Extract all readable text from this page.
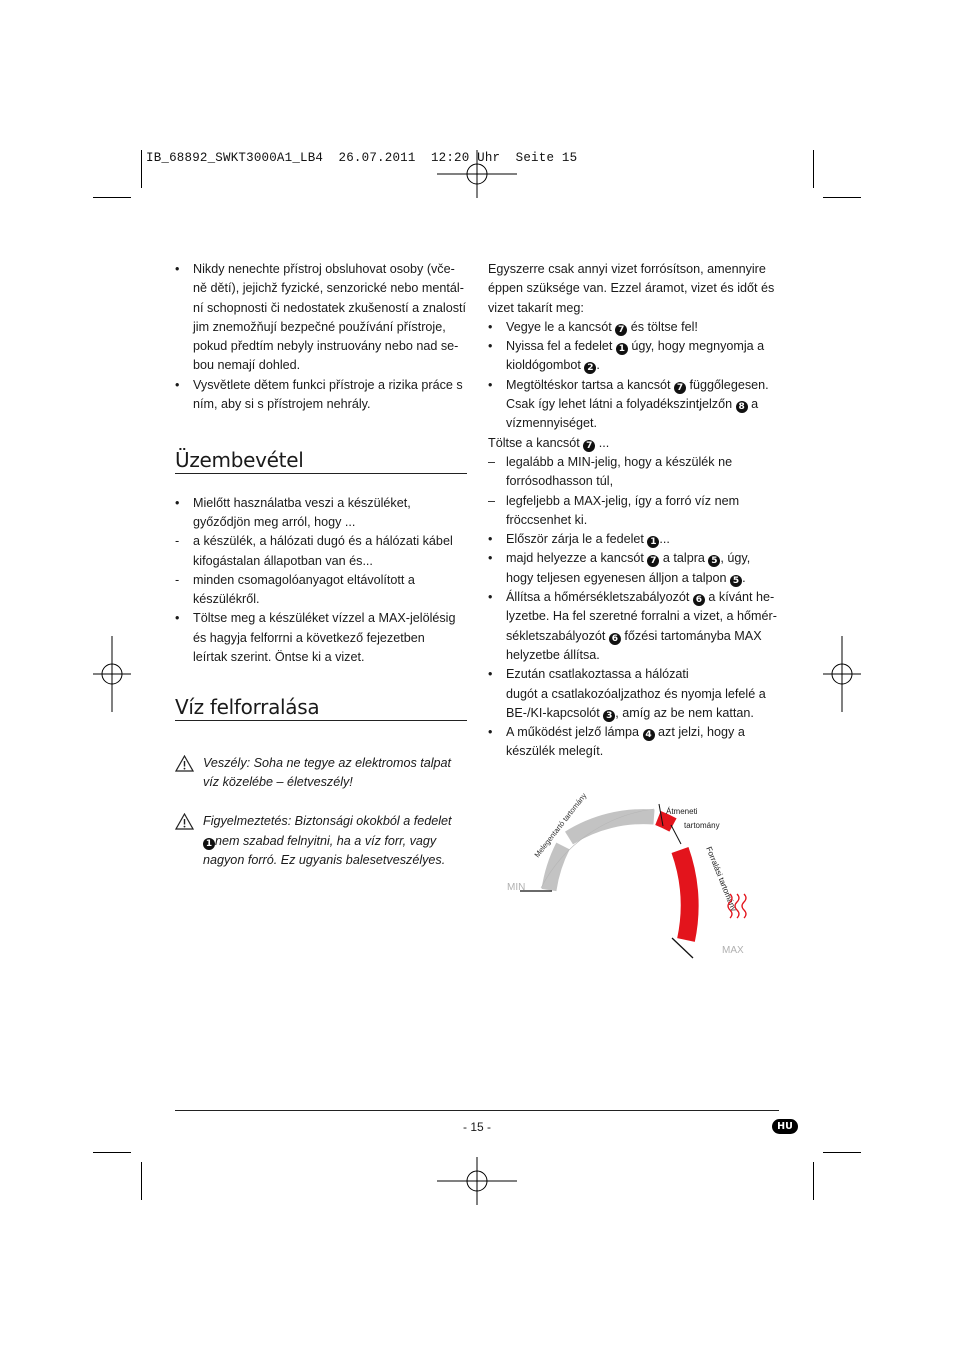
IB_68892_SWKT3000A1_LB4  26.07.2011  12:20 Uhr  Seite 15
• Nikdy nenechte přístroj obsluhovat osoby (vče-
ně dětí), jejichž fyzické, senzorické nebo mentál-
ní schopnosti či nedostatek zkušeností a znalostí
jim znemožňují bezpečné používání přístroje,
pokud předtím nebyly instruovány nebo nad se-
bou nemají dohled.
• Vysvětlete dětem funkci přístroje a rizika práce s
ním, aby si s přístrojem nehrály.
Üzembevétel
• Mielőtt használatba veszi a készüléket,
győződjön meg arról, hogy ...
- a készülék, a hálózati dugó és a hálózati kábel
kifogástalan állapotban van és...
- minden csomagolóanyagot eltávolított a
készülékről.
• Töltse meg a készüléket vízzel a MAX-jelölésig
és hagyja felforrni a következő fejezetben
leírtak szerint. Öntse ki a vizet.
Víz felforralása
Veszély: Soha ne tegye az elektromos talpat
víz közelébe – életveszély!
Figyelmeztetés: Biztonsági okokból a fedelet
1 nem szabad felnyitni, ha a víz forr, vagy
nagyon forró. Ez ugyanis balesetveszélyes.

Egyszerre csak annyi vizet forrósítson, amennyire
éppen szüksége van. Ezzel áramot, vizet és időt és
vizet takarít meg:

• Vegye le a kancsót 7 és töltse fel!
• Nyissa fel a fedelet 1 úgy, hogy megnyomja a
kioldógombot 2 .
• Megtöltéskor tartsa a kancsót 7 függőlegesen.
Csak így lehet látni a folyadékszintjelzőn 8 a
vízmennyiséget.

Töltse a kancsót 7 ...

– legalább a MIN-jelig, hogy a készülék ne
forrósodhasson túl,
– legfeljebb a MAX-jelig, így a forró víz nem
fröccsenhet ki.
• Először zárja le a fedelet 1 ...
• majd helyezze a kancsót 7 a talpra 5 , úgy,
hogy teljesen egyenesen álljon a talpon 5 .
• Állítsa a hőmérsékletszabályozót 6 a kívánt he-
lyzetbe. Ha fel szeretné forralni a vizet, a hőmér-
sékletszabályozót 6 főzési tartományba MAX
helyzetbe állítsa.
• Ezután csatlakoztassa a hálózati
dugót a csatlakozóaljzathoz és nyomja lefelé a
BE-/KI-kapcsolót 3 , amíg az be nem kattan.
• A működést jelző lámpa 4 azt jelzi, hogy a
készülék melegít.
Melegentartó tartomány	Átmeneti
tartomány
Forralási tartomány
MIN
MAX
- 15 -	HU
